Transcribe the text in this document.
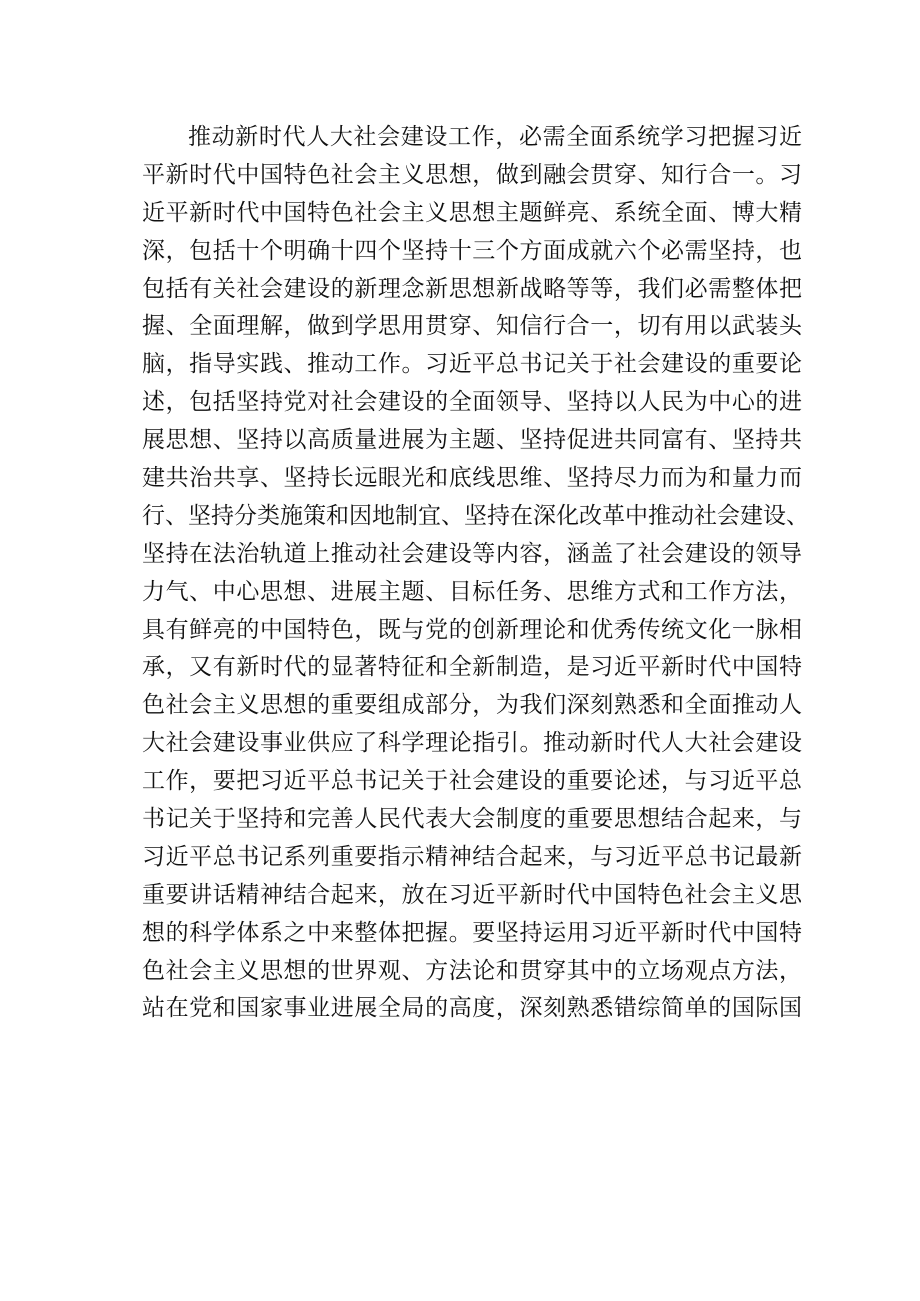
推动新时代人大社会建设工作，必需全面系统学习把握习近
平新时代中国特色社会主义思想，做到融会贯穿、知行合一。习
近平新时代中国特色社会主义思想主题鲜亮、系统全面、博大精
深，包括十个明确十四个坚持十三个方面成就六个必需坚持，也
包括有关社会建设的新理念新思想新战略等等，我们必需整体把
握、全面理解，做到学思用贯穿、知信行合一，切有用以武装头
脑，指导实践、推动工作。习近平总书记关于社会建设的重要论
述，包括坚持党对社会建设的全面领导、坚持以人民为中心的进
展思想、坚持以高质量进展为主题、坚持促进共同富有、坚持共
建共治共享、坚持长远眼光和底线思维、坚持尽力而为和量力而
行、坚持分类施策和因地制宜、坚持在深化改革中推动社会建设、
坚持在法治轨道上推动社会建设等内容，涵盖了社会建设的领导
力气、中心思想、进展主题、目标任务、思维方式和工作方法，
具有鲜亮的中国特色，既与党的创新理论和优秀传统文化一脉相
承，又有新时代的显著特征和全新制造，是习近平新时代中国特
色社会主义思想的重要组成部分，为我们深刻熟悉和全面推动人
大社会建设事业供应了科学理论指引。推动新时代人大社会建设
工作，要把习近平总书记关于社会建设的重要论述，与习近平总
书记关于坚持和完善人民代表大会制度的重要思想结合起来，与
习近平总书记系列重要指示精神结合起来，与习近平总书记最新
重要讲话精神结合起来，放在习近平新时代中国特色社会主义思
想的科学体系之中来整体把握。要坚持运用习近平新时代中国特
色社会主义思想的世界观、方法论和贯穿其中的立场观点方法，
站在党和国家事业进展全局的高度，深刻熟悉错综简单的国际国
